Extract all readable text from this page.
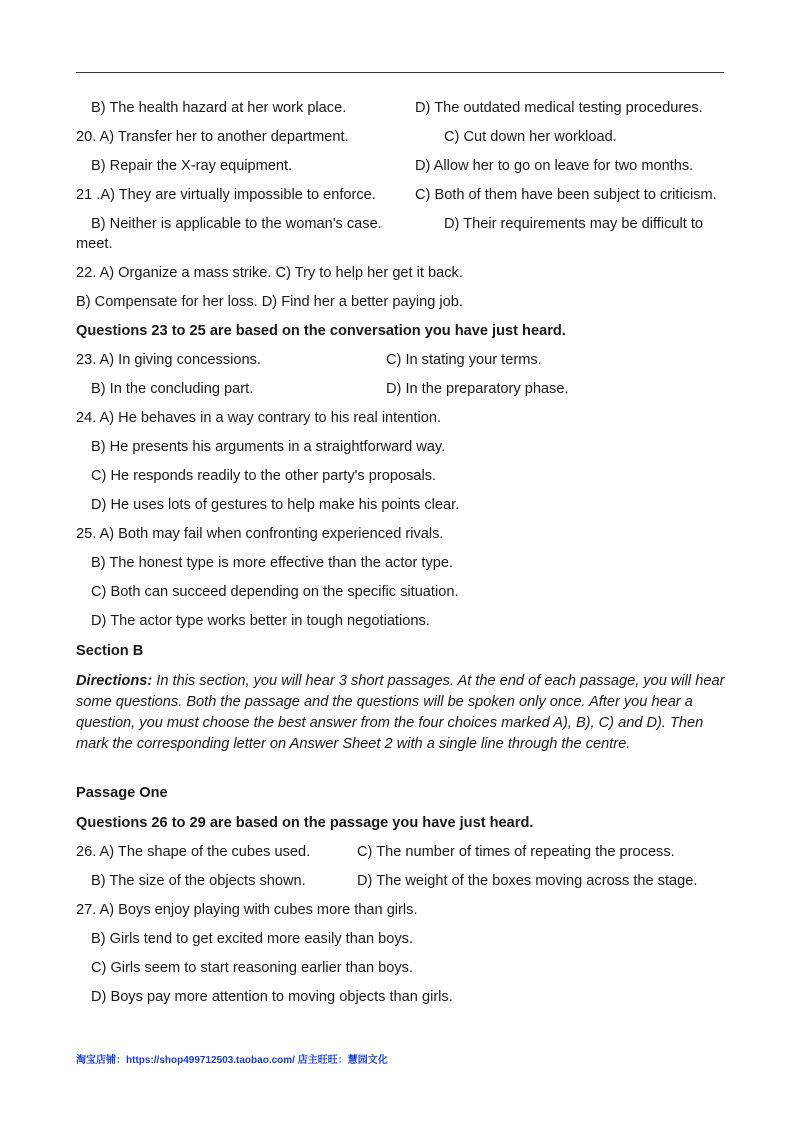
B) The health hazard at her work place.	D) The outdated medical testing procedures.
20. A) Transfer her to another department.	C) Cut down her workload.
B) Repair the X-ray equipment.	D) Allow her to go on leave for two months.
21 .A) They are virtually impossible to enforce.	C) Both of them have been subject to criticism.
B) Neither is applicable to the woman's case.	D) Their requirements may be difficult to
meet.
22. A) Organize a mass strike. C) Try to help her get it back.
B) Compensate for her loss. D) Find her a better paying job.
Questions 23 to 25 are based on the conversation you have just heard.
23. A) In giving concessions.	C) In stating your terms.
B) In the concluding part.	D) In the preparatory phase.
24. A) He behaves in a way contrary to his real intention.
B) He presents his arguments in a straightforward way.
C) He responds readily to the other party's proposals.
D) He uses lots of gestures to help make his points clear.
25. A) Both may fail when confronting experienced rivals.
B) The honest type is more effective than the actor type.
C) Both can succeed depending on the specific situation.
D) The actor type works better in tough negotiations.
Section B
Directions: In this section, you will hear 3 short passages. At the end of each passage, you will hear some questions. Both the passage and the questions will be spoken only once. After you hear a question, you must choose the best answer from the four choices marked A), B), C) and D). Then mark the corresponding letter on Answer Sheet 2 with a single line through the centre.
Passage One
Questions 26 to 29 are based on the passage you have just heard.
26. A) The shape of the cubes used.	C) The number of times of repeating the process.
B) The size of the objects shown.	D) The weight of the boxes moving across the stage.
27. A) Boys enjoy playing with cubes more than girls.
B) Girls tend to get excited more easily than boys.
C) Girls seem to start reasoning earlier than boys.
D) Boys pay more attention to moving objects than girls.
淘宝店铺：https://shop499712503.taobao.com/ 店主旺旺：慧园文化
